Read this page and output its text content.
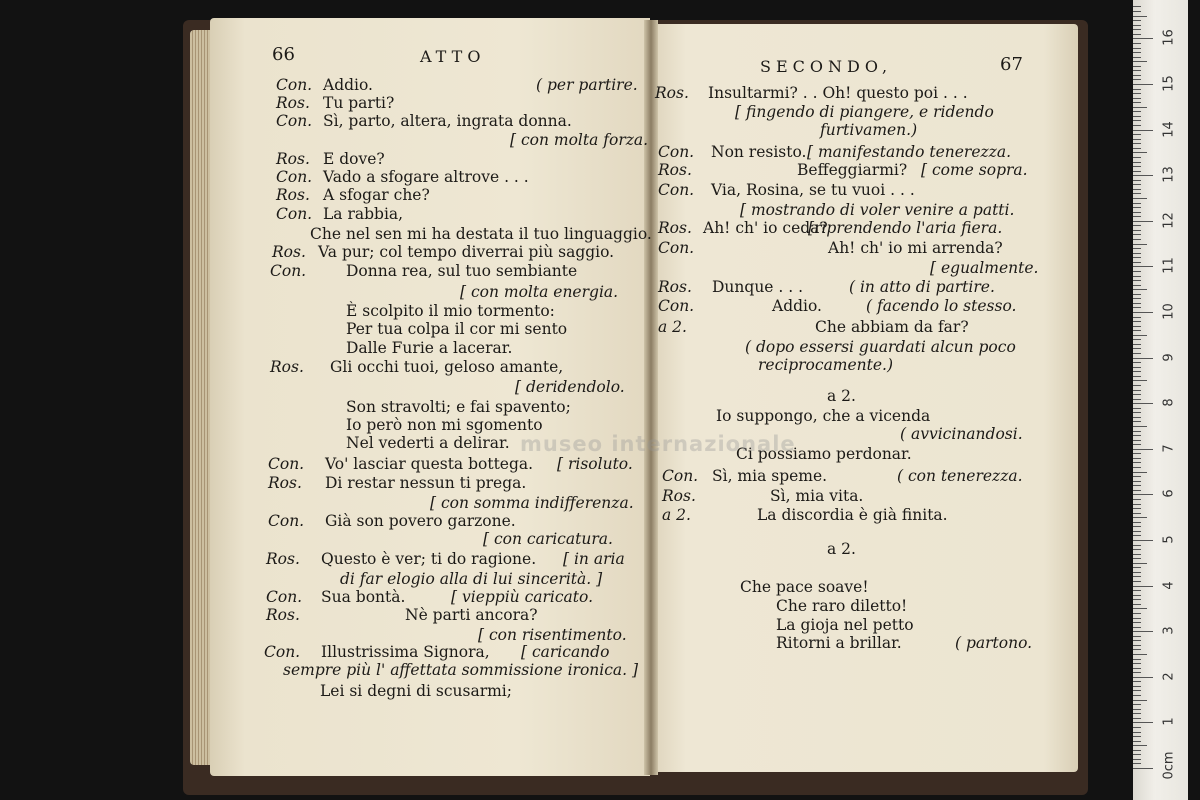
Con. Addio.	( per partire.
Ros. Tu parti?
Con. Sì, parto, altera, ingrata donna.
[ con molta forza.
Ros. E dove?
Con. Vado a sfogare altrove . . .
Ros. A sfogar che?
Con. La rabbia,
Che nel sen mi ha destata il tuo linguaggio.
Ros. Va pur; col tempo diverrai più saggio.
Con.	Donna rea, sul tuo sembiante
[ con molta energia.
È scolpito il mio tormento:
Per tua colpa il cor mi sento
Dalle Furie a lacerar.
Ros. Gli occhi tuoi, geloso amante,
[ deridendolo.
Son stravolti; e fai spavento;
Io però non mi sgomento
Nel vederti a delirar.
Con. Vo' lasciar questa bottega. [ risoluto.
Ros. Di restar nessun ti prega.
[ con somma indifferenza.
Con. Già son povero garzone.
[ con caricatura.
Ros. Questo è ver; ti do ragione. [ in aria
di far elogio alla di lui sincerità. ]
Con. Sua bontà.	[ vieppiù caricato.
Ros.	Nè parti ancora?
[ con risentimento.
Con. Illustrissima Signora, [ caricando
sempre più l' affettata sommissione ironica. ]
Lei si degni di scusarmi;
Ros. Insultarmi? . . Oh! questo poi . . .
[ fingendo di piangere, e ridendo
furtivamen.)
Con. Non resisto. [ manifestando tenerezza.
Ros.	Beffeggiarmi? [ come sopra.
Con. Via, Rosina, se tu vuoi . . .
[ mostrando di voler venire a patti.
Ros. Ah! ch' io ceda?
[riprendendo l'aria fiera.
Con.	Ah! ch' io mi arrenda?
[ egualmente.
Ros. Dunque . . .	( in atto di partire.
Con.	Addio.	( facendo lo stesso.
a 2.	Che abbiam da far?
( dopo essersi guardati alcun poco
reciprocamente.)
a 2.
Io suppongo, che a vicenda
( avvicinandosi.
Ci possiamo perdonar.
Con. Sì, mia speme.	( con tenerezza.
Ros.	Sì, mia vita.
a 2.	La discordia è già finita.
a 2.
Che pace soave!
Che raro diletto!
La gioja nel petto
Ritorni a brillar.	( partono.
66	ATTO
SECONDO,	67
museo internazionale
0cm
1
2
3
4
5
6
7
8
9
10
11
12
13
14
15
16
